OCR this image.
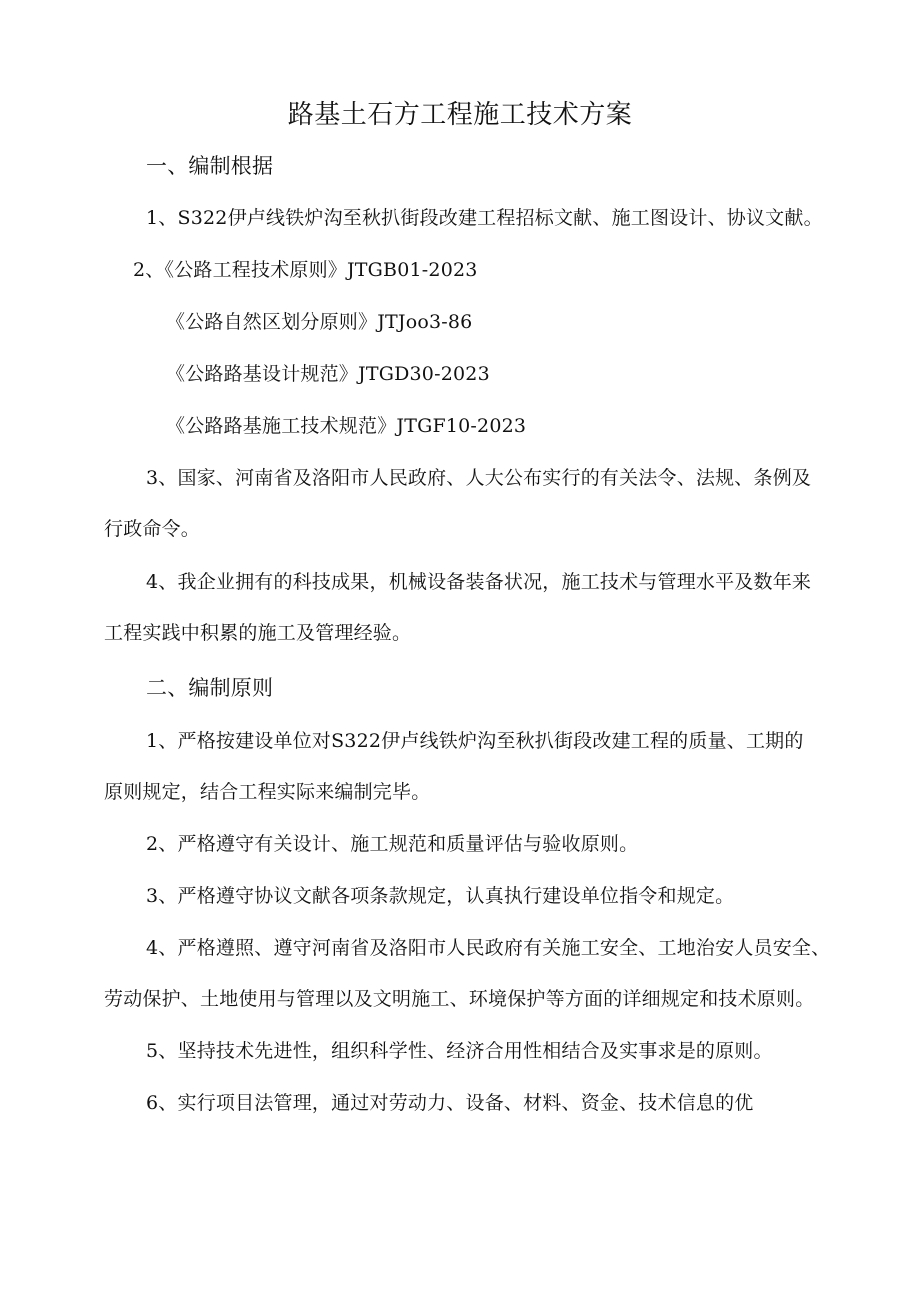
路基土石方工程施工技术方案
一、编制根据
1、S322伊卢线铁炉沟至秋扒街段改建工程招标文献、施工图设计、协议文献。
2、《公路工程技术原则》JTGB01-2023
《公路自然区划分原则》JTJoo3-86
《公路路基设计规范》JTGD30-2023
《公路路基施工技术规范》JTGF10-2023
3、国家、河南省及洛阳市人民政府、人大公布实行的有关法令、法规、条例及
行政命令。
4、我企业拥有的科技成果，机械设备装备状况，施工技术与管理水平及数年来
工程实践中积累的施工及管理经验。
二、编制原则
1、严格按建设单位对S322伊卢线铁炉沟至秋扒街段改建工程的质量、工期的
原则规定，结合工程实际来编制完毕。
2、严格遵守有关设计、施工规范和质量评估与验收原则。
3、严格遵守协议文献各项条款规定，认真执行建设单位指令和规定。
4、严格遵照、遵守河南省及洛阳市人民政府有关施工安全、工地治安人员安全、
劳动保护、土地使用与管理以及文明施工、环境保护等方面的详细规定和技术原则。
5、坚持技术先进性，组织科学性、经济合用性相结合及实事求是的原则。
6、实行项目法管理，通过对劳动力、设备、材料、资金、技术信息的优
